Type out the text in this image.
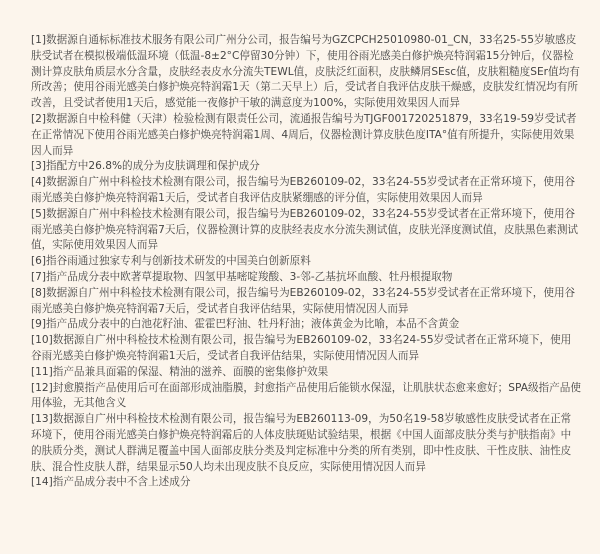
[1]数据源自通标标准技术服务有限公司广州分公司，报告编号为GZCPCH25010980-01_CN，33名25-55岁敏感皮肤受试者在模拟极端低温环境（低温-8±2°C停留30分钟）下，使用谷雨光感美白修护焕亮特润霜15分钟后，仪器检测计算皮肤角质层水分含量，皮肤经表皮水分流失TEWL值，皮肤泛红面积，皮肤鳞屑SEsc值，皮肤粗糙度SEr值均有所改善；使用谷雨光感美白修护焕亮特润霜1天（第二天早上）后，受试者自我评估皮肤干燥感，皮肤发红情况均有所改善，且受试者使用1天后，感觉能一夜修护干敏的满意度为100%，实际使用效果因人而异

[2]数据源自中检科健（天津）检验检测有限责任公司，流通报告编号为TJGF001720251879，33名19-59岁受试者在正常情况下使用谷雨光感美白修护焕亮特润霜1周、4周后，仪器检测计算皮肤色度ITA°值有所提升，实际使用效果因人而异

[3]指配方中26.8%的成分为皮肤调理和保护成分

[4]数据源自广州中科检技术检测有限公司，报告编号为EB260109-02，33名24-55岁受试者在正常环境下，使用谷雨光感美白修护焕亮特润霜1天后，受试者自我评估皮肤紧绷感的评分值，实际使用效果因人而异

[5]数据源自广州中科检技术检测有限公司，报告编号为EB260109-02，33名24-55岁受试者在正常环境下，使用谷雨光感美白修护焕亮特润霜7天后，仪器检测计算的皮肤经表皮水分流失测试值，皮肤光泽度测试值，皮肤黑色素测试值，实际使用效果因人而异

[6]指谷雨通过独家专利与创新技术研发的中国美白创新原料

[7]指产品成分表中欧著草提取物、四氢甲基嘧啶羧酸、3-邻-乙基抗坏血酸、牡丹根提取物

[8]数据源自广州中科检技术检测有限公司，报告编号为EB260109-02，33名24-55岁受试者在正常环境下，使用谷雨光感美白修护焕亮特润霜7天后，受试者自我评估结果，实际使用情况因人而异

[9]指产品成分表中的白池花籽油、霍霍巴籽油、牡丹籽油；液体黄金为比喻，本品不含黄金

[10]数据源自广州中科检技术检测有限公司，报告编号为EB260109-02，33名24-55岁受试者在正常环境下，使用谷雨光感美白修护焕亮特润霜1天后，受试者自我评估结果，实际使用情况因人而异

[11]指产品兼具面霜的保湿、精油的滋养、面膜的密集修护效果

[12]封愈膜指产品使用后可在面部形成油脂膜，封愈指产品使用后能锁水保湿，让肌肤状态愈来愈好；SPA级指产品使用体验，无其他含义

[13]数据源自广州中科检技术检测有限公司，报告编号为EB260113-09，为50名19-58岁敏感性皮肤受试者在正常环境下，使用谷雨光感美白修护焕亮特润霜后的人体皮肤斑贴试验结果，根据《中国人面部皮肤分类与护肤指南》中的肤质分类，测试人群满足覆盖中国人面部皮肤分类及判定标准中分类的所有类别，即中性皮肤、干性皮肤、油性皮肤、混合性皮肤人群，结果显示50人均未出现皮肤不良反应，实际使用情况因人而异

[14]指产品成分表中不含上述成分
